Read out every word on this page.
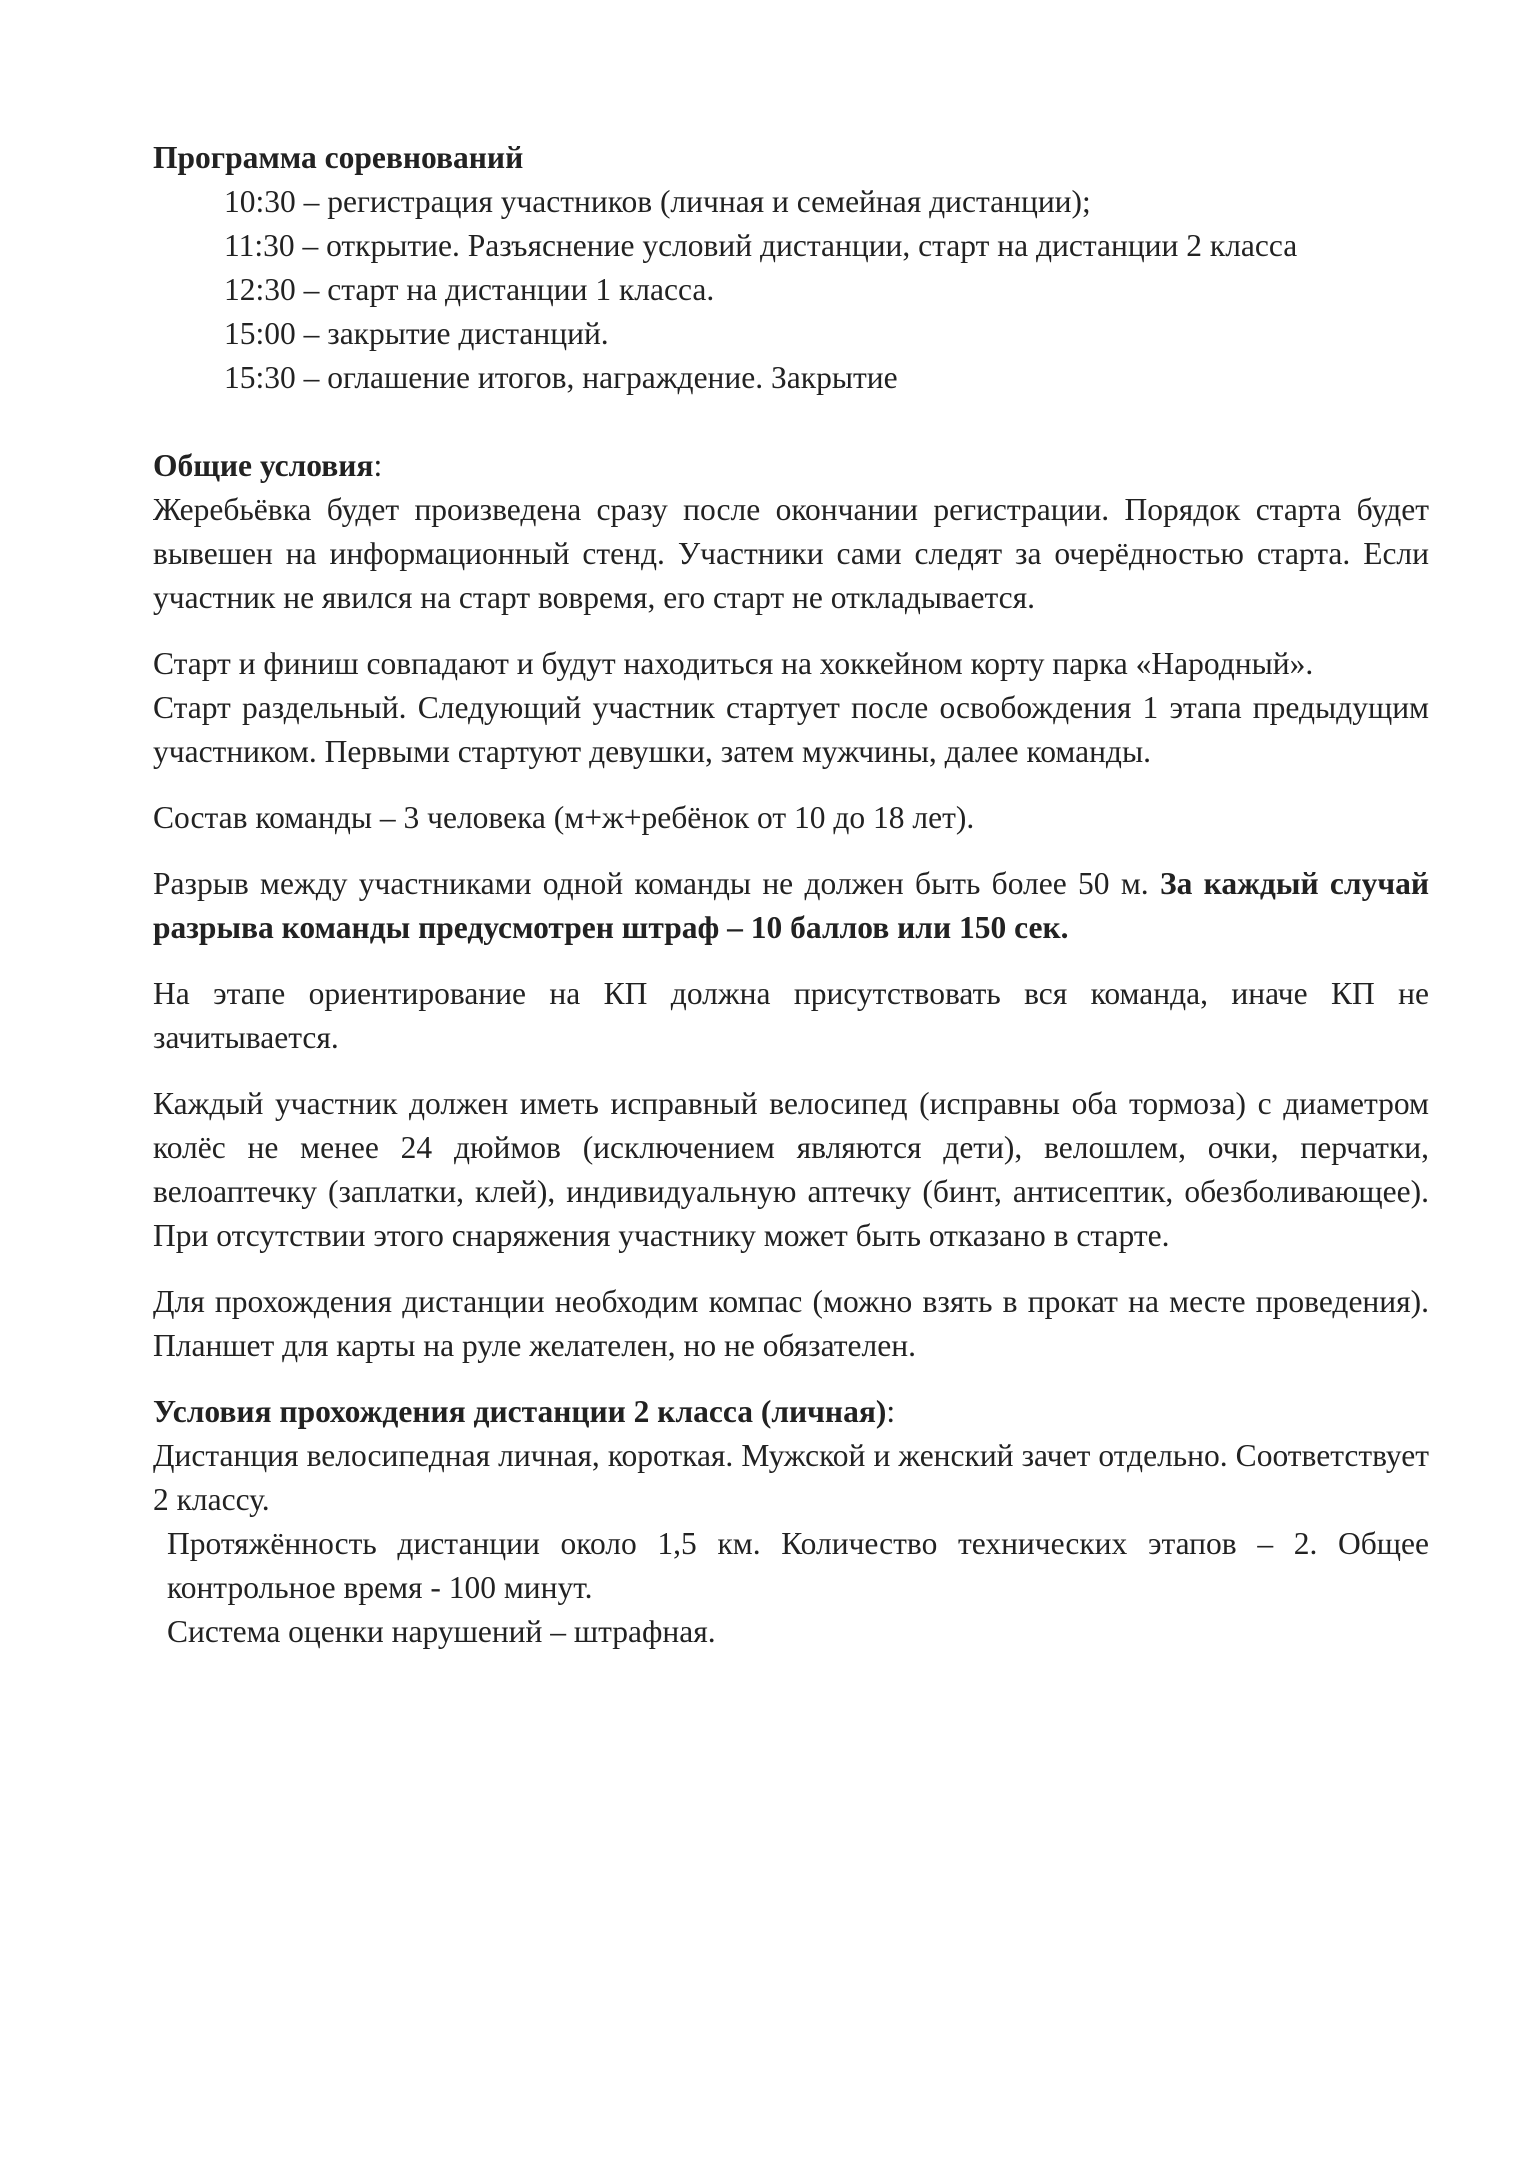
Программа соревнований

10:30 – регистрация участников (личная и семейная дистанции);

11:30 – открытие. Разъяснение условий дистанции, старт на дистанции 2 класса

12:30 – старт на дистанции 1 класса.

15:00 – закрытие дистанций.

15:30 – оглашение итогов, награждение. Закрытие

Общие условия:

Жеребьёвка будет произведена сразу после окончании регистрации. Порядок старта будет вывешен на информационный стенд. Участники сами следят за очерёдностью старта. Если участник не явился на старт вовремя, его старт не откладывается.

Старт и финиш совпадают и будут находиться на хоккейном корту парка «Народный».

Старт раздельный. Следующий участник стартует после освобождения 1 этапа предыдущим участником. Первыми стартуют девушки, затем мужчины, далее команды.

Состав команды – 3 человека (м+ж+ребёнок от 10 до 18 лет).

Разрыв между участниками одной команды не должен быть более 50 м. За каждый случай разрыва команды предусмотрен штраф – 10 баллов или 150 сек.

На этапе ориентирование на КП должна присутствовать вся команда, иначе КП не зачитывается.

Каждый участник должен иметь исправный велосипед (исправны оба тормоза) с диаметром колёс не менее 24 дюймов (исключением являются дети), велошлем, очки, перчатки, велоаптечку (заплатки, клей), индивидуальную аптечку (бинт, антисептик, обезболивающее). При отсутствии этого снаряжения участнику может быть отказано в старте.

Для прохождения дистанции необходим компас (можно взять в прокат на месте проведения). Планшет для карты на руле желателен, но не обязателен.

Условия прохождения дистанции 2 класса (личная):

Дистанция велосипедная личная, короткая. Мужской и женский зачет отдельно. Соответствует 2 классу.

Протяжённость дистанции около 1,5 км. Количество технических этапов – 2. Общее контрольное время - 100 минут.

Система оценки нарушений – штрафная.
